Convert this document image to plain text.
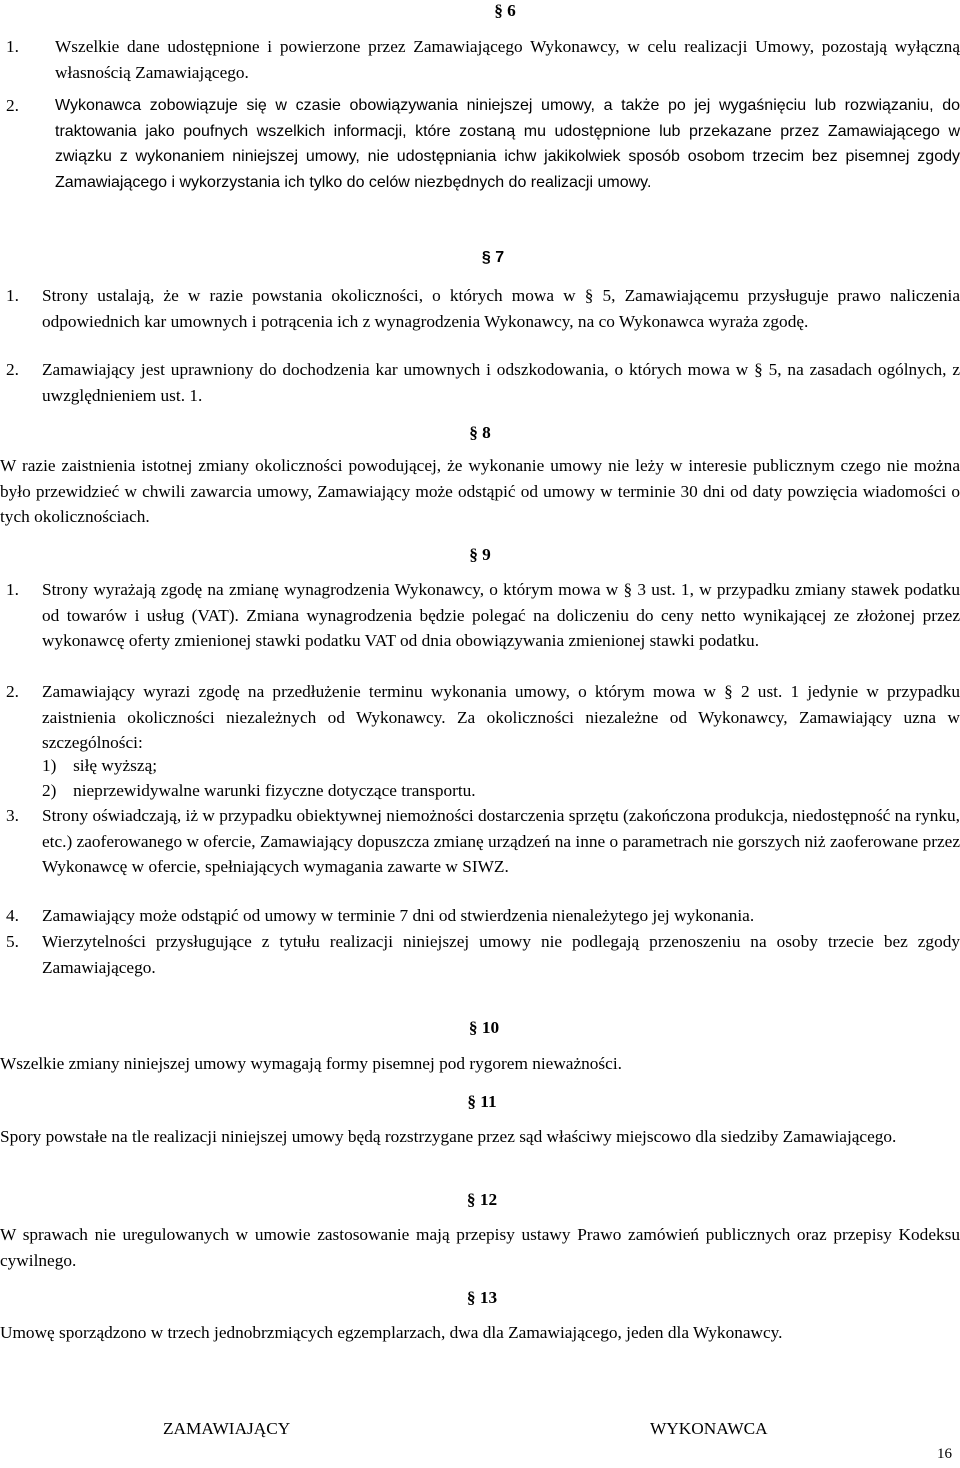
§ 6
1. Wszelkie dane udostępnione i powierzone przez Zamawiającego Wykonawcy, w celu realizacji Umowy, pozostają wyłączną własnością Zamawiającego.
2. Wykonawca zobowiązuje się w czasie obowiązywania niniejszej umowy, a także po jej wygaśnięciu lub rozwiązaniu, do traktowania jako poufnych wszelkich informacji, które zostaną mu udostępnione lub przekazane przez Zamawiającego w związku z wykonaniem niniejszej umowy, nie udostępniania ichw jakikolwiek sposób osobom trzecim bez pisemnej zgody Zamawiającego i wykorzystania ich tylko do celów niezbędnych do realizacji umowy.
§ 7
1. Strony ustalają, że w razie powstania okoliczności, o których mowa w § 5, Zamawiającemu przysługuje prawo naliczenia odpowiednich kar umownych i potrącenia ich z wynagrodzenia Wykonawcy, na co Wykonawca wyraża zgodę.
2. Zamawiający jest uprawniony do dochodzenia kar umownych i odszkodowania, o których mowa w § 5, na zasadach ogólnych, z uwzględnieniem ust. 1.
§ 8
W razie zaistnienia istotnej zmiany okoliczności powodującej, że wykonanie umowy nie leży w interesie publicznym czego nie można było przewidzieć w chwili zawarcia umowy, Zamawiający może odstąpić od umowy w terminie 30 dni od daty powzięcia wiadomości o tych okolicznościach.
§ 9
1. Strony wyrażają zgodę na zmianę wynagrodzenia Wykonawcy, o którym mowa w § 3 ust. 1, w przypadku zmiany stawek podatku od towarów i usług (VAT). Zmiana wynagrodzenia będzie polegać na doliczeniu do ceny netto wynikającej ze złożonej przez wykonawcę oferty zmienionej stawki podatku VAT od dnia obowiązywania zmienionej stawki podatku.
2. Zamawiający wyrazi zgodę na przedłużenie terminu wykonania umowy, o którym mowa w § 2 ust. 1 jedynie w przypadku zaistnienia okoliczności niezależnych od Wykonawcy. Za okoliczności niezależne od Wykonawcy, Zamawiający uzna w szczególności:
1) siłę wyższą;
2) nieprzewidywalne warunki fizyczne dotyczące transportu.
3. Strony oświadczają, iż w przypadku obiektywnej niemożności dostarczenia sprzętu (zakończona produkcja, niedostępność na rynku, etc.) zaoferowanego w ofercie, Zamawiający dopuszcza zmianę urządzeń na inne o parametrach nie gorszych niż zaoferowane przez Wykonawcę w ofercie, spełniających wymagania zawarte w SIWZ.
4. Zamawiający może odstąpić od umowy w terminie 7 dni od stwierdzenia nienależytego jej wykonania.
5. Wierzytelności przysługujące z tytułu realizacji niniejszej umowy nie podlegają przenoszeniu na osoby trzecie bez zgody Zamawiającego.
§ 10
Wszelkie zmiany niniejszej umowy wymagają formy pisemnej pod rygorem nieważności.
§ 11
Spory powstałe na tle realizacji niniejszej umowy będą rozstrzygane przez sąd właściwy miejscowo dla siedziby Zamawiającego.
§ 12
W sprawach nie uregulowanych w umowie zastosowanie mają przepisy ustawy Prawo zamówień publicznych oraz przepisy Kodeksu cywilnego.
§ 13
Umowę sporządzono w trzech jednobrzmiących egzemplarzach, dwa dla Zamawiającego, jeden dla Wykonawcy.
ZAMAWIAJĄCY	WYKONAWCA
16
